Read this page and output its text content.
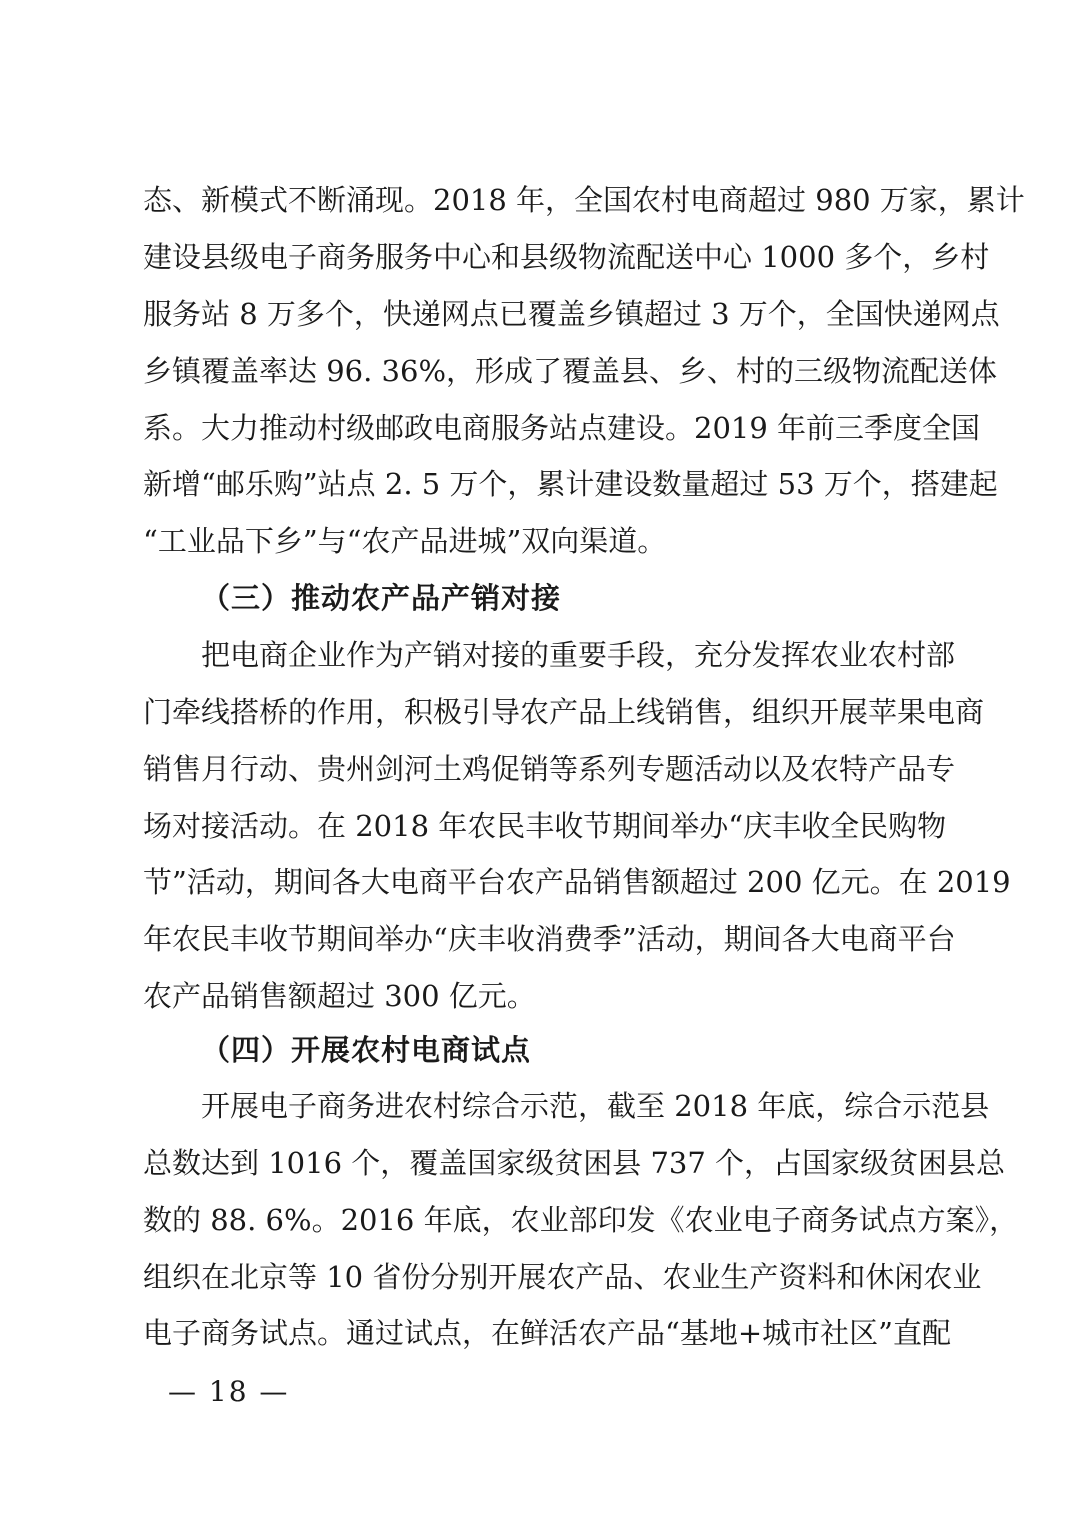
态、新模式不断涌现。2018 年，全国农村电商超过 980 万家，累计
建设县级电子商务服务中心和县级物流配送中心 1000 多个，乡村
服务站 8 万多个，快递网点已覆盖乡镇超过 3 万个，全国快递网点
乡镇覆盖率达 96. 36%，形成了覆盖县、乡、村的三级物流配送体
系。大力推动村级邮政电商服务站点建设。2019 年前三季度全国
新增“邮乐购”站点 2. 5 万个，累计建设数量超过 53 万个，搭建起
“工业品下乡”与“农产品进城”双向渠道。
（三）推动农产品产销对接
　　把电商企业作为产销对接的重要手段，充分发挥农业农村部
门牵线搭桥的作用，积极引导农产品上线销售，组织开展苹果电商
销售月行动、贵州剑河土鸡促销等系列专题活动以及农特产品专
场对接活动。在 2018 年农民丰收节期间举办“庆丰收全民购物
节”活动，期间各大电商平台农产品销售额超过 200 亿元。在 2019
年农民丰收节期间举办“庆丰收消费季”活动，期间各大电商平台
农产品销售额超过 300 亿元。
（四）开展农村电商试点
　　开展电子商务进农村综合示范，截至 2018 年底，综合示范县
总数达到 1016 个，覆盖国家级贫困县 737 个，占国家级贫困县总
数的 88. 6%。2016 年底，农业部印发《农业电子商务试点方案》，
组织在北京等 10 省份分别开展农产品、农业生产资料和休闲农业
电子商务试点。通过试点，在鲜活农产品“基地+城市社区”直配
— 18 —
